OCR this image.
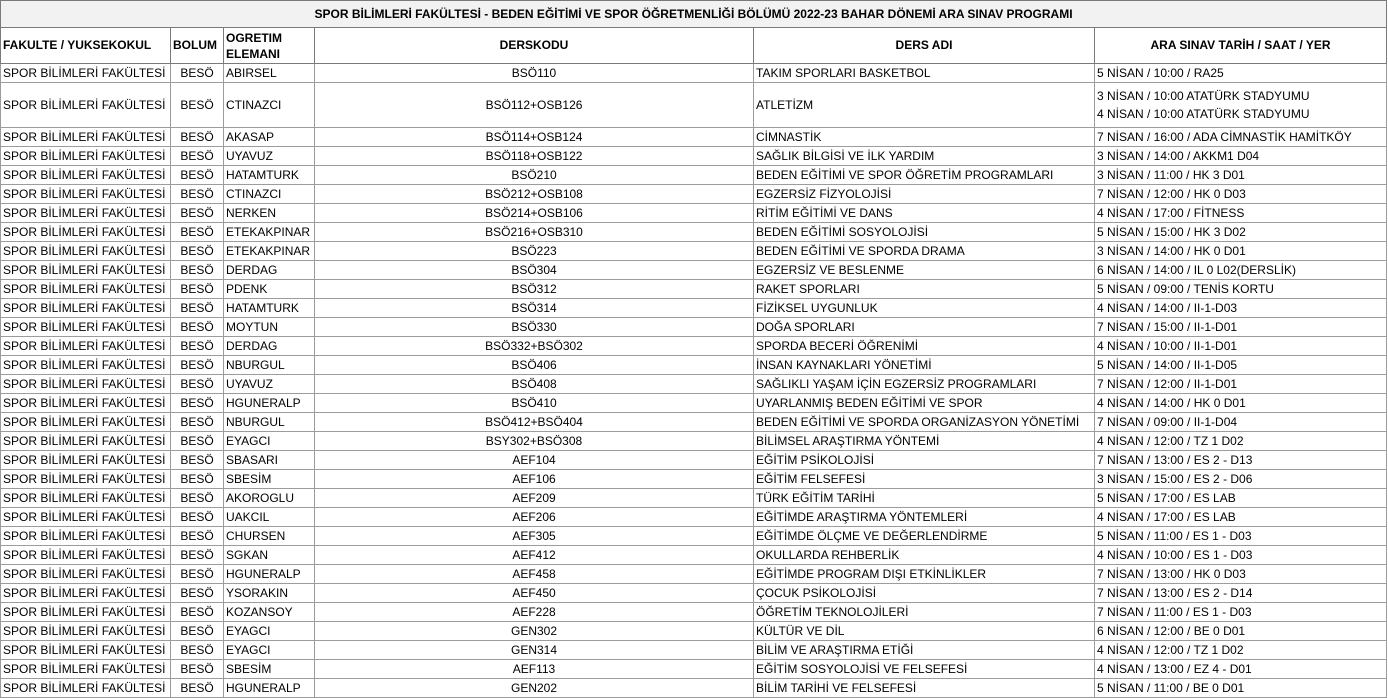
SPOR BİLİMLERİ FAKÜLTESİ - BEDEN EĞİTİMİ VE SPOR ÖĞRETMENLİĞİ BÖLÜMÜ 2022-23 BAHAR DÖNEMİ ARA SINAV PROGRAMI					
FAKULTE / YUKSEKOKUL	BOLUM	OGRETIM ELEMANI	DERSKODU	DERS ADI	ARA SINAV TARİH / SAAT / YER
SPOR BİLİMLERİ FAKÜLTESİ	BESÖ	ABIRSEL	BSÖ110	TAKIM SPORLARI BASKETBOL	5 NİSAN / 10:00 / RA25
SPOR BİLİMLERİ FAKÜLTESİ	BESÖ	CTINAZCI	BSÖ112+OSB126	ATLETİZM	3 NİSAN / 10:00 ATATÜRK STADYUMU
4 NİSAN / 10:00 ATATÜRK STADYUMU
SPOR BİLİMLERİ FAKÜLTESİ	BESÖ	AKASAP	BSÖ114+OSB124	CİMNASTİK	7 NİSAN / 16:00 / ADA CİMNASTİK HAMİTKÖY
SPOR BİLİMLERİ FAKÜLTESİ	BESÖ	UYAVUZ	BSÖ118+OSB122	SAĞLIK BİLGİSİ VE İLK YARDIM	3 NİSAN / 14:00 / AKKM1 D04
SPOR BİLİMLERİ FAKÜLTESİ	BESÖ	HATAMTURK	BSÖ210	BEDEN EĞİTİMİ VE SPOR ÖĞRETİM PROGRAMLARI	3 NİSAN / 11:00 / HK 3 D01
SPOR BİLİMLERİ FAKÜLTESİ	BESÖ	CTINAZCI	BSÖ212+OSB108	EGZERSİZ FİZYOLOJİSİ	7 NİSAN / 12:00 / HK 0 D03
SPOR BİLİMLERİ FAKÜLTESİ	BESÖ	NERKEN	BSÖ214+OSB106	RİTİM EĞİTİMİ VE DANS	4 NİSAN / 17:00 / FİTNESS
SPOR BİLİMLERİ FAKÜLTESİ	BESÖ	ETEKAKPINAR	BSÖ216+OSB310	BEDEN EĞİTİMİ SOSYOLOJİSİ	5 NİSAN / 15:00 / HK 3 D02
SPOR BİLİMLERİ FAKÜLTESİ	BESÖ	ETEKAKPINAR	BSÖ223	BEDEN EĞİTİMİ VE SPORDA DRAMA	3 NİSAN / 14:00 / HK 0 D01
SPOR BİLİMLERİ FAKÜLTESİ	BESÖ	DERDAG	BSÖ304	EGZERSİZ VE BESLENME	6 NİSAN / 14:00 / IL 0 L02(DERSLİK)
SPOR BİLİMLERİ FAKÜLTESİ	BESÖ	PDENK	BSÖ312	RAKET SPORLARI	5 NİSAN / 09:00 / TENİS KORTU
SPOR BİLİMLERİ FAKÜLTESİ	BESÖ	HATAMTURK	BSÖ314	FİZİKSEL UYGUNLUK	4 NİSAN / 14:00 / II-1-D03
SPOR BİLİMLERİ FAKÜLTESİ	BESÖ	MOYTUN	BSÖ330	DOĞA SPORLARI	7 NİSAN / 15:00 / II-1-D01
SPOR BİLİMLERİ FAKÜLTESİ	BESÖ	DERDAG	BSÖ332+BSÖ302	SPORDA BECERİ ÖĞRENİMİ	4 NİSAN / 10:00 / II-1-D01
SPOR BİLİMLERİ FAKÜLTESİ	BESÖ	NBURGUL	BSÖ406	İNSAN KAYNAKLARI YÖNETİMİ	5 NİSAN / 14:00 / II-1-D05
SPOR BİLİMLERİ FAKÜLTESİ	BESÖ	UYAVUZ	BSÖ408	SAĞLIKLI YAŞAM İÇİN EGZERSİZ PROGRAMLARI	7 NİSAN / 12:00 / II-1-D01
SPOR BİLİMLERİ FAKÜLTESİ	BESÖ	HGUNERALP	BSÖ410	UYARLANMIŞ BEDEN EĞİTİMİ VE SPOR	4 NİSAN / 14:00 / HK 0 D01
SPOR BİLİMLERİ FAKÜLTESİ	BESÖ	NBURGUL	BSÖ412+BSÖ404	BEDEN EĞİTİMİ VE SPORDA ORGANİZASYON YÖNETİMİ	7 NİSAN / 09:00 / II-1-D04
SPOR BİLİMLERİ FAKÜLTESİ	BESÖ	EYAGCI	BSY302+BSÖ308	BİLİMSEL ARAŞTIRMA YÖNTEMİ	4 NİSAN / 12:00 / TZ 1 D02
SPOR BİLİMLERİ FAKÜLTESİ	BESÖ	SBASARI	AEF104	EĞİTİM PSİKOLOJİSİ	7 NİSAN / 13:00 / ES 2 - D13
SPOR BİLİMLERİ FAKÜLTESİ	BESÖ	SBESİM	AEF106	EĞİTİM FELSEFESİ	3 NİSAN / 15:00 / ES 2 - D06
SPOR BİLİMLERİ FAKÜLTESİ	BESÖ	AKOROGLU	AEF209	TÜRK EĞİTİM TARİHİ	5 NİSAN / 17:00 / ES LAB
SPOR BİLİMLERİ FAKÜLTESİ	BESÖ	UAKCIL	AEF206	EĞİTİMDE ARAŞTIRMA YÖNTEMLERİ	4 NİSAN / 17:00 / ES LAB
SPOR BİLİMLERİ FAKÜLTESİ	BESÖ	CHURSEN	AEF305	EĞİTİMDE ÖLÇME VE DEĞERLENDİRME	5 NİSAN / 11:00 / ES 1 - D03
SPOR BİLİMLERİ FAKÜLTESİ	BESÖ	SGKAN	AEF412	OKULLARDA REHBERLİK	4 NİSAN / 10:00 / ES 1 - D03
SPOR BİLİMLERİ FAKÜLTESİ	BESÖ	HGUNERALP	AEF458	EĞİTİMDE PROGRAM DIŞI ETKİNLİKLER	7 NİSAN / 13:00 / HK 0 D03
SPOR BİLİMLERİ FAKÜLTESİ	BESÖ	YSORAKIN	AEF450	ÇOCUK PSİKOLOJİSİ	7 NİSAN / 13:00 / ES 2 - D14
SPOR BİLİMLERİ FAKÜLTESİ	BESÖ	KOZANSOY	AEF228	ÖĞRETİM TEKNOLOJİLERİ	7 NİSAN / 11:00 / ES 1 - D03
SPOR BİLİMLERİ FAKÜLTESİ	BESÖ	EYAGCI	GEN302	KÜLTÜR VE DİL	6 NİSAN / 12:00 / BE 0 D01
SPOR BİLİMLERİ FAKÜLTESİ	BESÖ	EYAGCI	GEN314	BİLİM VE ARAŞTIRMA ETİĞİ	4 NİSAN / 12:00 / TZ 1 D02
SPOR BİLİMLERİ FAKÜLTESİ	BESÖ	SBESİM	AEF113	EĞİTİM SOSYOLOJİSİ VE FELSEFESİ	4 NİSAN / 13:00 / EZ 4 - D01
SPOR BİLİMLERİ FAKÜLTESİ	BESÖ	HGUNERALP	GEN202	BİLİM TARİHİ VE FELSEFESİ	5 NİSAN / 11:00 / BE 0 D01
